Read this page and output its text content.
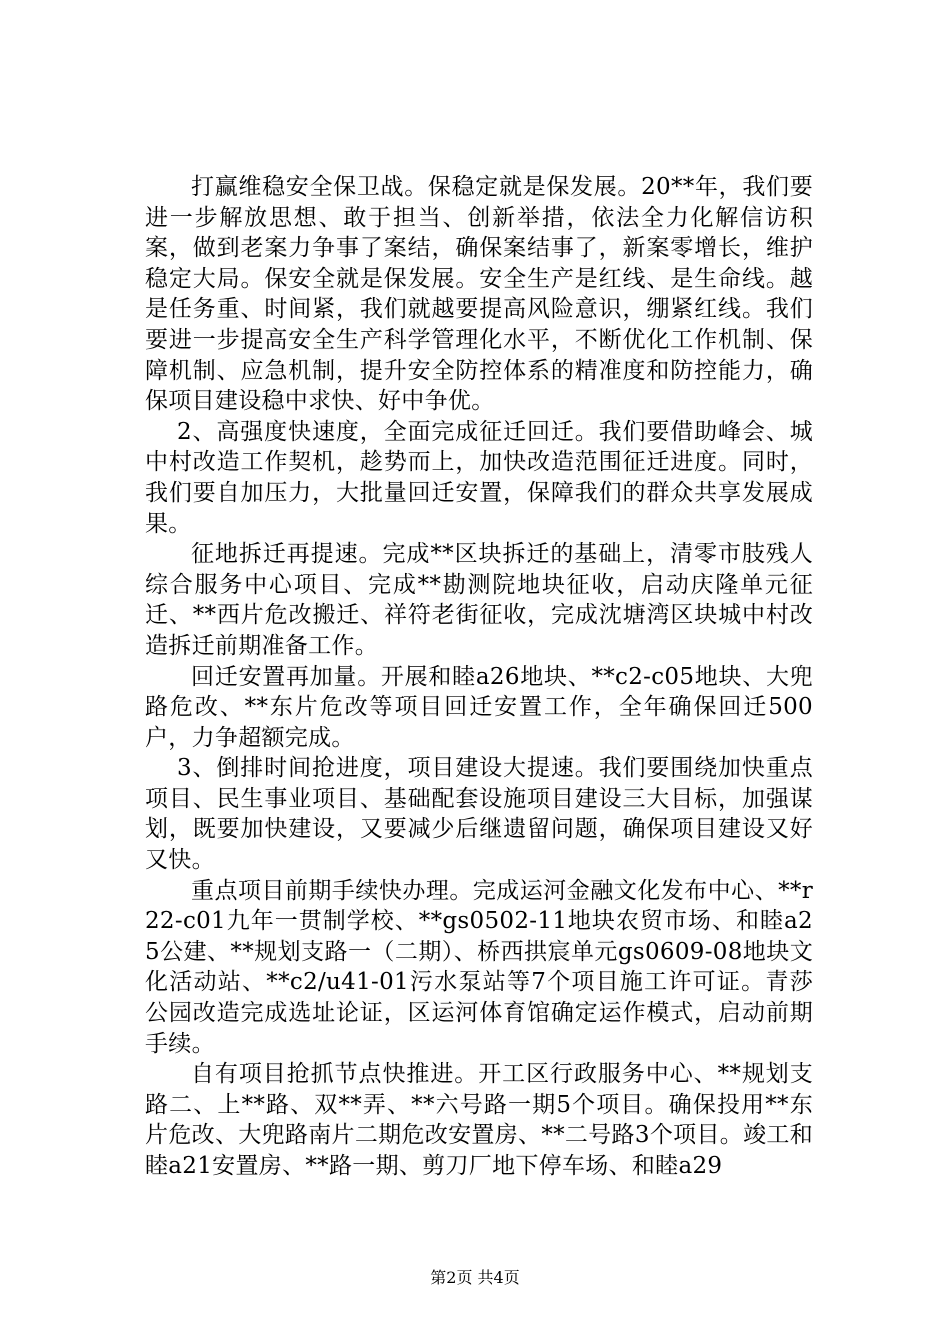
打赢维稳安全保卫战。保稳定就是保发展。20**年，我们要进一步解放思想、敢于担当、创新举措，依法全力化解信访积案，做到老案力争事了案结，确保案结事了，新案零增长，维护稳定大局。保安全就是保发展。安全生产是红线、是生命线。越是任务重、时间紧，我们就越要提高风险意识，绷紧红线。我们要进一步提高安全生产科学管理化水平，不断优化工作机制、保障机制、应急机制，提升安全防控体系的精准度和防控能力，确保项目建设稳中求快、好中争优。

2、高强度快速度，全面完成征迁回迁。我们要借助峰会、城中村改造工作契机，趁势而上，加快改造范围征迁进度。同时，我们要自加压力，大批量回迁安置，保障我们的群众共享发展成果。

征地拆迁再提速。完成**区块拆迁的基础上，清零市肢残人综合服务中心项目、完成**勘测院地块征收，启动庆隆单元征迁、**西片危改搬迁、祥符老街征收，完成沈塘湾区块城中村改造拆迁前期准备工作。

回迁安置再加量。开展和睦a26地块、**c2-c05地块、大兜路危改、**东片危改等项目回迁安置工作，全年确保回迁500户，力争超额完成。

3、倒排时间抢进度，项目建设大提速。我们要围绕加快重点项目、民生事业项目、基础配套设施项目建设三大目标，加强谋划，既要加快建设，又要减少后继遗留问题，确保项目建设又好又快。

重点项目前期手续快办理。完成运河金融文化发布中心、**r22-c01九年一贯制学校、**gs0502-11地块农贸市场、和睦a25公建、**规划支路一（二期）、桥西拱宸单元gs0609-08地块文化活动站、**c2/u41-01污水泵站等7个项目施工许可证。青莎公园改造完成选址论证，区运河体育馆确定运作模式，启动前期手续。

自有项目抢抓节点快推进。开工区行政服务中心、**规划支路二、上**路、双**弄、**六号路一期5个项目。确保投用**东片危改、大兜路南片二期危改安置房、**二号路3个项目。竣工和睦a21安置房、**路一期、剪刀厂地下停车场、和睦a29

第2页 共4页
